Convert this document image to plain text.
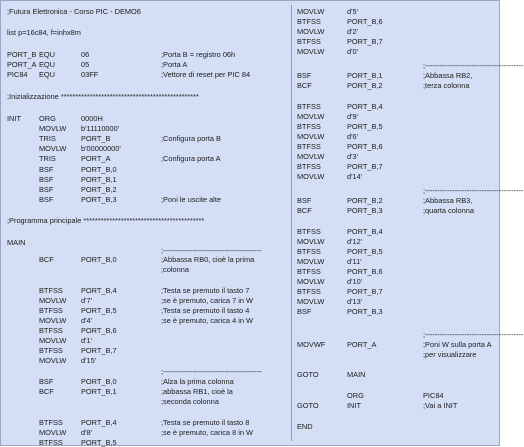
;Futura Elettronica - Corso PIC - DEMO6
list p=16c84, f=inhx8m
PORT_B EQU	06	;Porta B = registro 06h
PORT_A EQU	05	;Porta A
PIC84 EQU	03FF	;Vettore di reset per PIC 84
;Inizializzazione ************************************************
INIT ORG	0000H
MOVLW b'11110000'
TRIS	PORT_B	;Configura porta B
MOVLW b'00000000'
TRIS	PORT_A	;Configura porta A
BSF	PORT_B,0
BSF	PORT_B,1
BSF	PORT_B,2
BSF	PORT_B,3	;Poni le uscite alte
;Programma principale ******************************************
MAIN
;----------------------------------------
BCF	PORT_B,0	;Abbassa RB0, cioè la prima
;colonna
BTFSS PORT_B,4	;Testa se premuto il tasto 7
MOVLW d'7'	;se è premuto, carica 7 in W
BTFSS PORT_B,5	;Testa se premuto il tasto 4
MOVLW d'4'	;se è premuto, carica 4 in W
BTFSS PORT_B,6
MOVLW d'1'
BTFSS PORT_B,7
MOVLW d'15'
;----------------------------------------
BSF	PORT_B,0	;Alza la prima colonna
BCF	PORT_B,1	;abbassa RB1, cioè la
;seconda colonna
BTFSS PORT_B,4	;Testa se premuto il tasto 8
MOVLW d'8'	;se è premuto, carica 8 in W
BTFSS PORT_B,5
MOVLW	d'5'
BTFSS	PORT_B,6
MOVLW	d'2'
BTFSS	PORT_B,7
MOVLW	d'0'
;----------------------------------------
BSF	PORT_B,1	;Abbassa RB2,
BCF	PORT_B,2	;terza colonna
BTFSS	PORT_B,4
MOVLW	d'9'
BTFSS	PORT_B,5
MOVLW	d'6'
BTFSS	PORT_B,6
MOVLW	d'3'
BTFSS	PORT_B,7
MOVLW	d'14'
;----------------------------------------
BSF	PORT_B,2	;Abbassa RB3,
BCF	PORT_B,3	;quarta colonna
BTFSS	PORT_B,4
MOVLW	d'12'
BTFSS	PORT_B,5
MOVLW	d'11'
BTFSS	PORT_B,6
MOVLW	d'10'
BTFSS	PORT_B,7
MOVLW	d'13'
BSF	PORT_B,3
;----------------------------------------
MOVWF	PORT_A	;Poni W sulla porta A
;per visualizzare
GOTO	MAIN
ORG	PIC84
GOTO	INIT	;Vai a INIT
END
